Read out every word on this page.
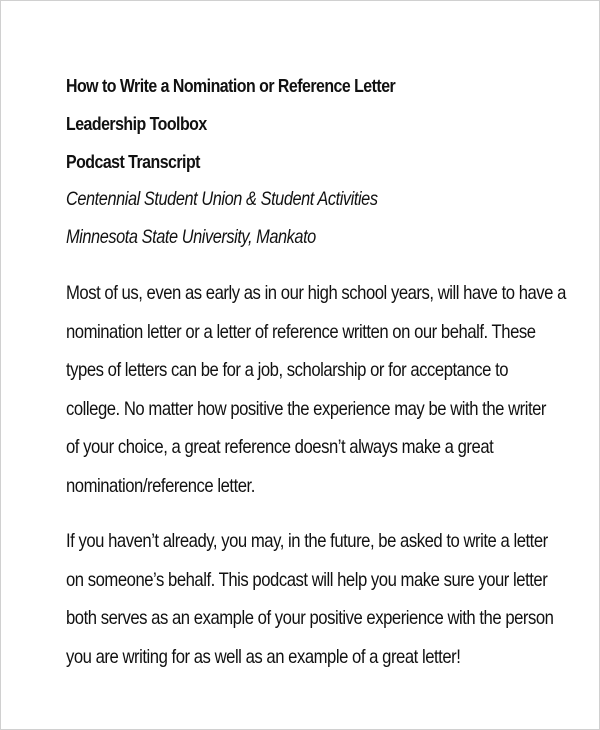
How to Write a Nomination or Reference Letter
Leadership Toolbox
Podcast Transcript
Centennial Student Union & Student Activities
Minnesota State University, Mankato
Most of us, even as early as in our high school years, will have to have a
nomination letter or a letter of reference written on our behalf. These
types of letters can be for a job, scholarship or for acceptance to
college. No matter how positive the experience may be with the writer
of your choice, a great reference doesn’t always make a great
nomination/reference letter.
If you haven’t already, you may, in the future, be asked to write a letter
on someone’s behalf. This podcast will help you make sure your letter
both serves as an example of your positive experience with the person
you are writing for as well as an example of a great letter!
